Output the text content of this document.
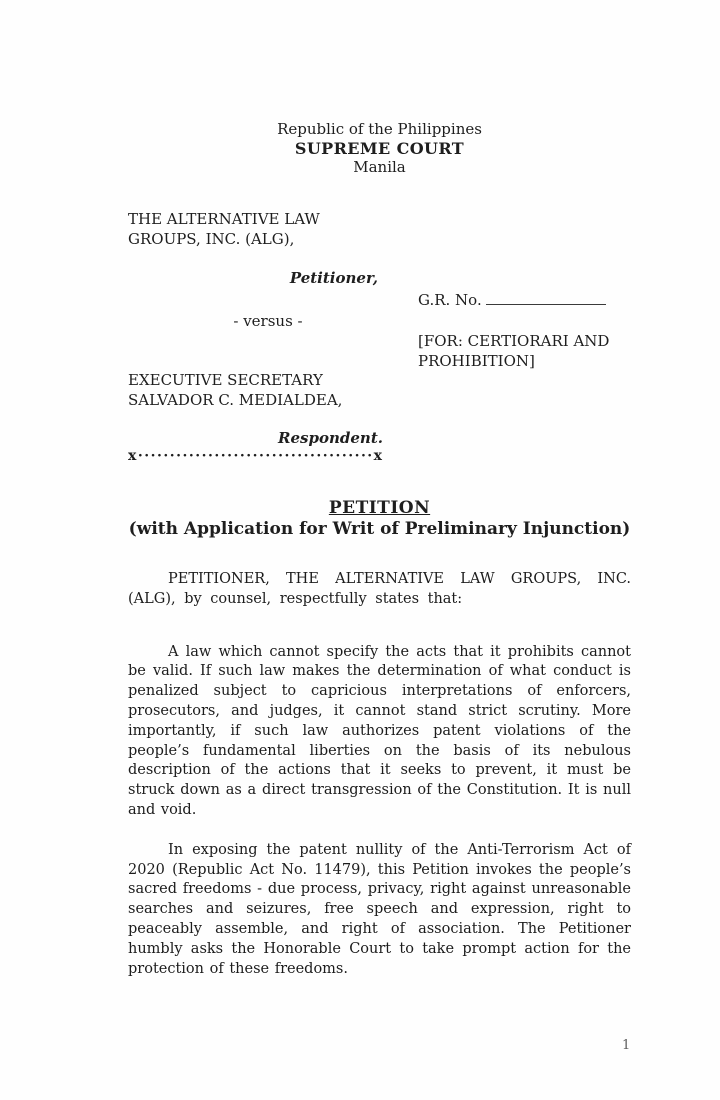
Republic of the Philippines
SUPREME COURT
Manila
THE ALTERNATIVE LAW
GROUPS, INC. (ALG),
Petitioner,
G.R. No.
- versus -
[FOR: CERTIORARI AND
PROHIBITION]
EXECUTIVE SECRETARY
SALVADOR C. MEDIALDEA,
Respondent.
x·····································x
PETITION
(with Application for Writ of Preliminary Injunction)

PETITIONER, THE ALTERNATIVE LAW GROUPS, INC. (ALG), by counsel, respectfully states that:

A law which cannot specify the acts that it prohibits cannot be valid. If such law makes the determination of what conduct is penalized subject to capricious interpretations of enforcers, prosecutors, and judges, it cannot stand strict scrutiny. More importantly, if such law authorizes patent violations of the people’s fundamental liberties on the basis of its nebulous description of the actions that it seeks to prevent, it must be struck down as a direct transgression of the Constitution. It is null and void.

In exposing the patent nullity of the Anti-Terrorism Act of 2020 (Republic Act No. 11479), this Petition invokes the people’s sacred freedoms - due process, privacy, right against unreasonable searches and seizures, free speech and expression, right to peaceably assemble, and right of association. The Petitioner humbly asks the Honorable Court to take prompt action for the protection of these freedoms.

1
